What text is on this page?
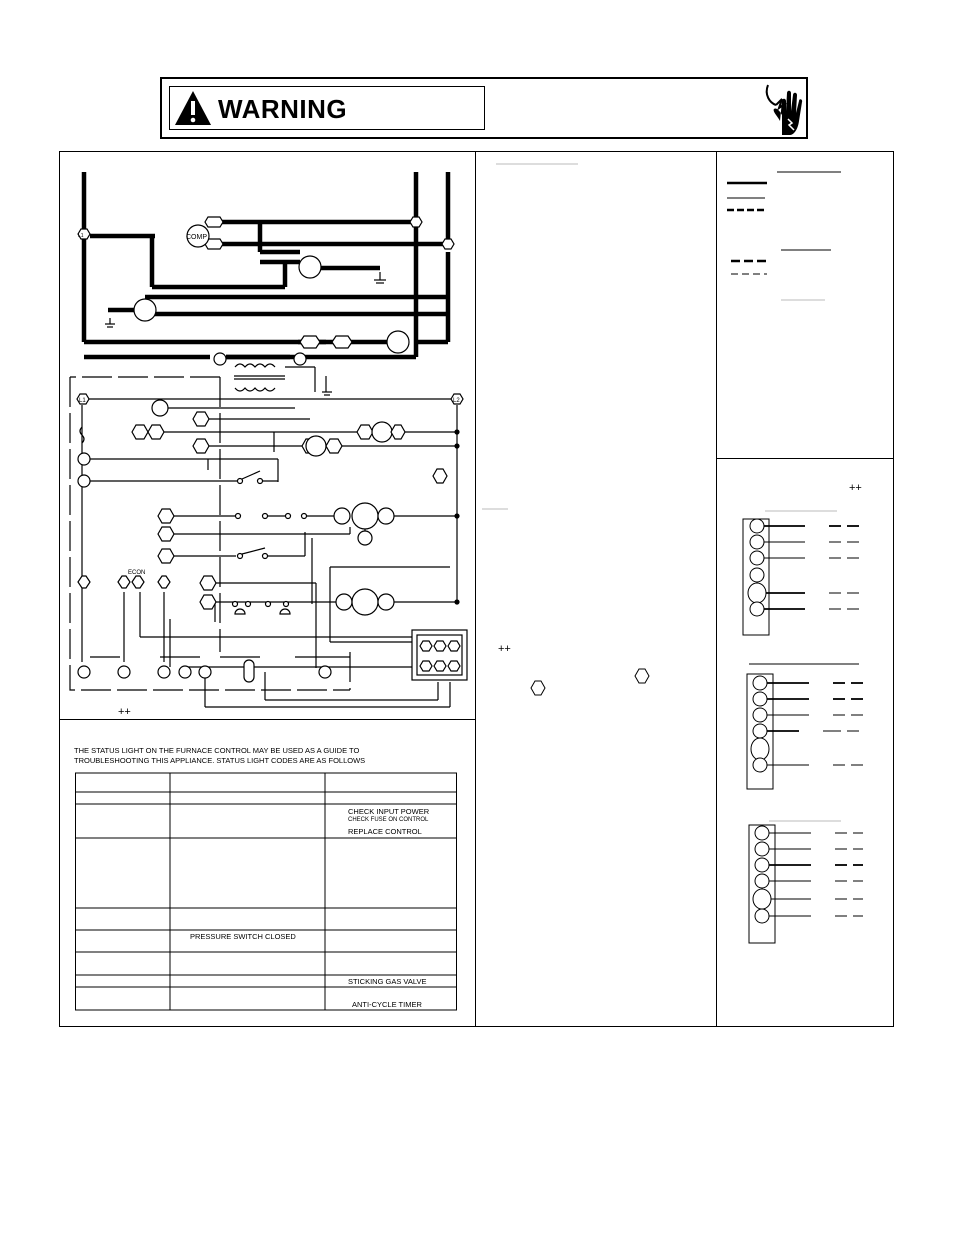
WARNING
COMP
L1
L1	L2
ECON
++
THE STATUS LIGHT ON THE FURNACE CONTROL MAY BE USED AS A GUIDE TO
TROUBLESHOOTING THIS APPLIANCE. STATUS LIGHT CODES ARE AS FOLLOWS
CHECK INPUT POWER
CHECK FUSE ON CONTROL
REPLACE CONTROL
PRESSURE SWITCH CLOSED
STICKING GAS VALVE
ANTI-CYCLE TIMER
++
++
